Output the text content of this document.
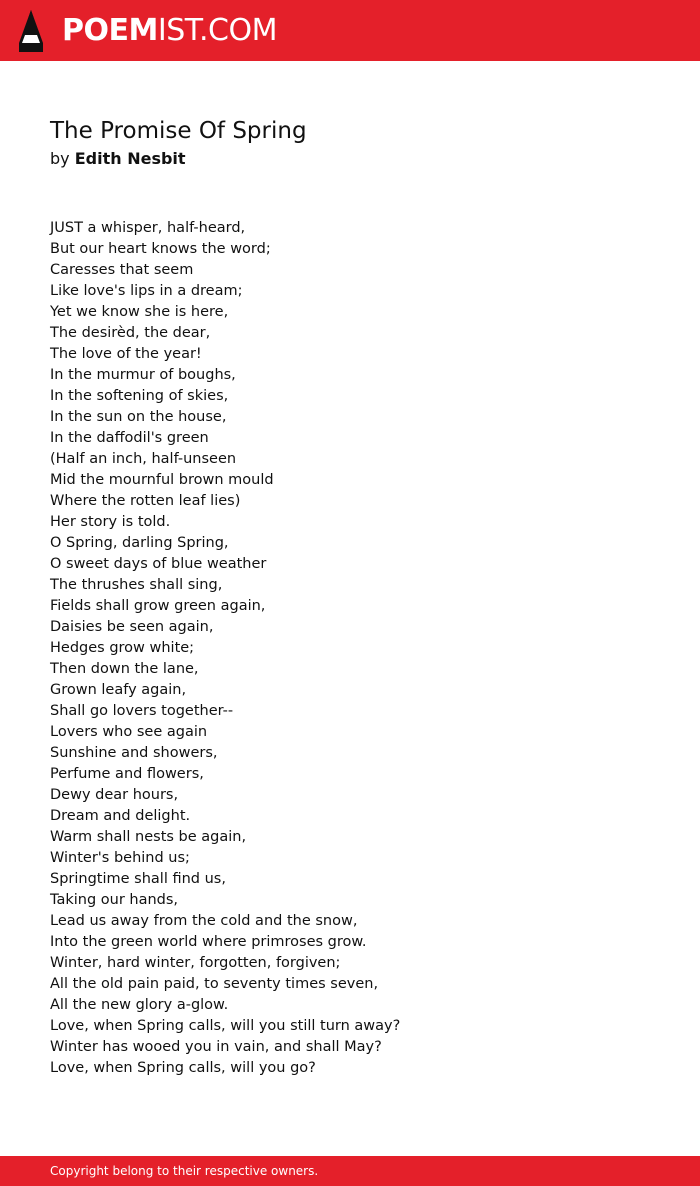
POEMIST.COM
The Promise Of Spring
by Edith Nesbit
JUST a whisper, half-heard,
But our heart knows the word;
Caresses that seem
Like love's lips in a dream;
Yet we know she is here,
The desirèd, the dear,
The love of the year!
In the murmur of boughs,
In the softening of skies,
In the sun on the house,
In the daffodil's green
(Half an inch, half-unseen
Mid the mournful brown mould
Where the rotten leaf lies)
Her story is told.
O Spring, darling Spring,
O sweet days of blue weather
The thrushes shall sing,
Fields shall grow green again,
Daisies be seen again,
Hedges grow white;
Then down the lane,
Grown leafy again,
Shall go lovers together--
Lovers who see again
Sunshine and showers,
Perfume and flowers,
Dewy dear hours,
Dream and delight.
Warm shall nests be again,
Winter's behind us;
Springtime shall find us,
Taking our hands,
Lead us away from the cold and the snow,
Into the green world where primroses grow.
Winter, hard winter, forgotten, forgiven;
All the old pain paid, to seventy times seven,
All the new glory a-glow.
Love, when Spring calls, will you still turn away?
Winter has wooed you in vain, and shall May?
Love, when Spring calls, will you go?
Copyright belong to their respective owners.
